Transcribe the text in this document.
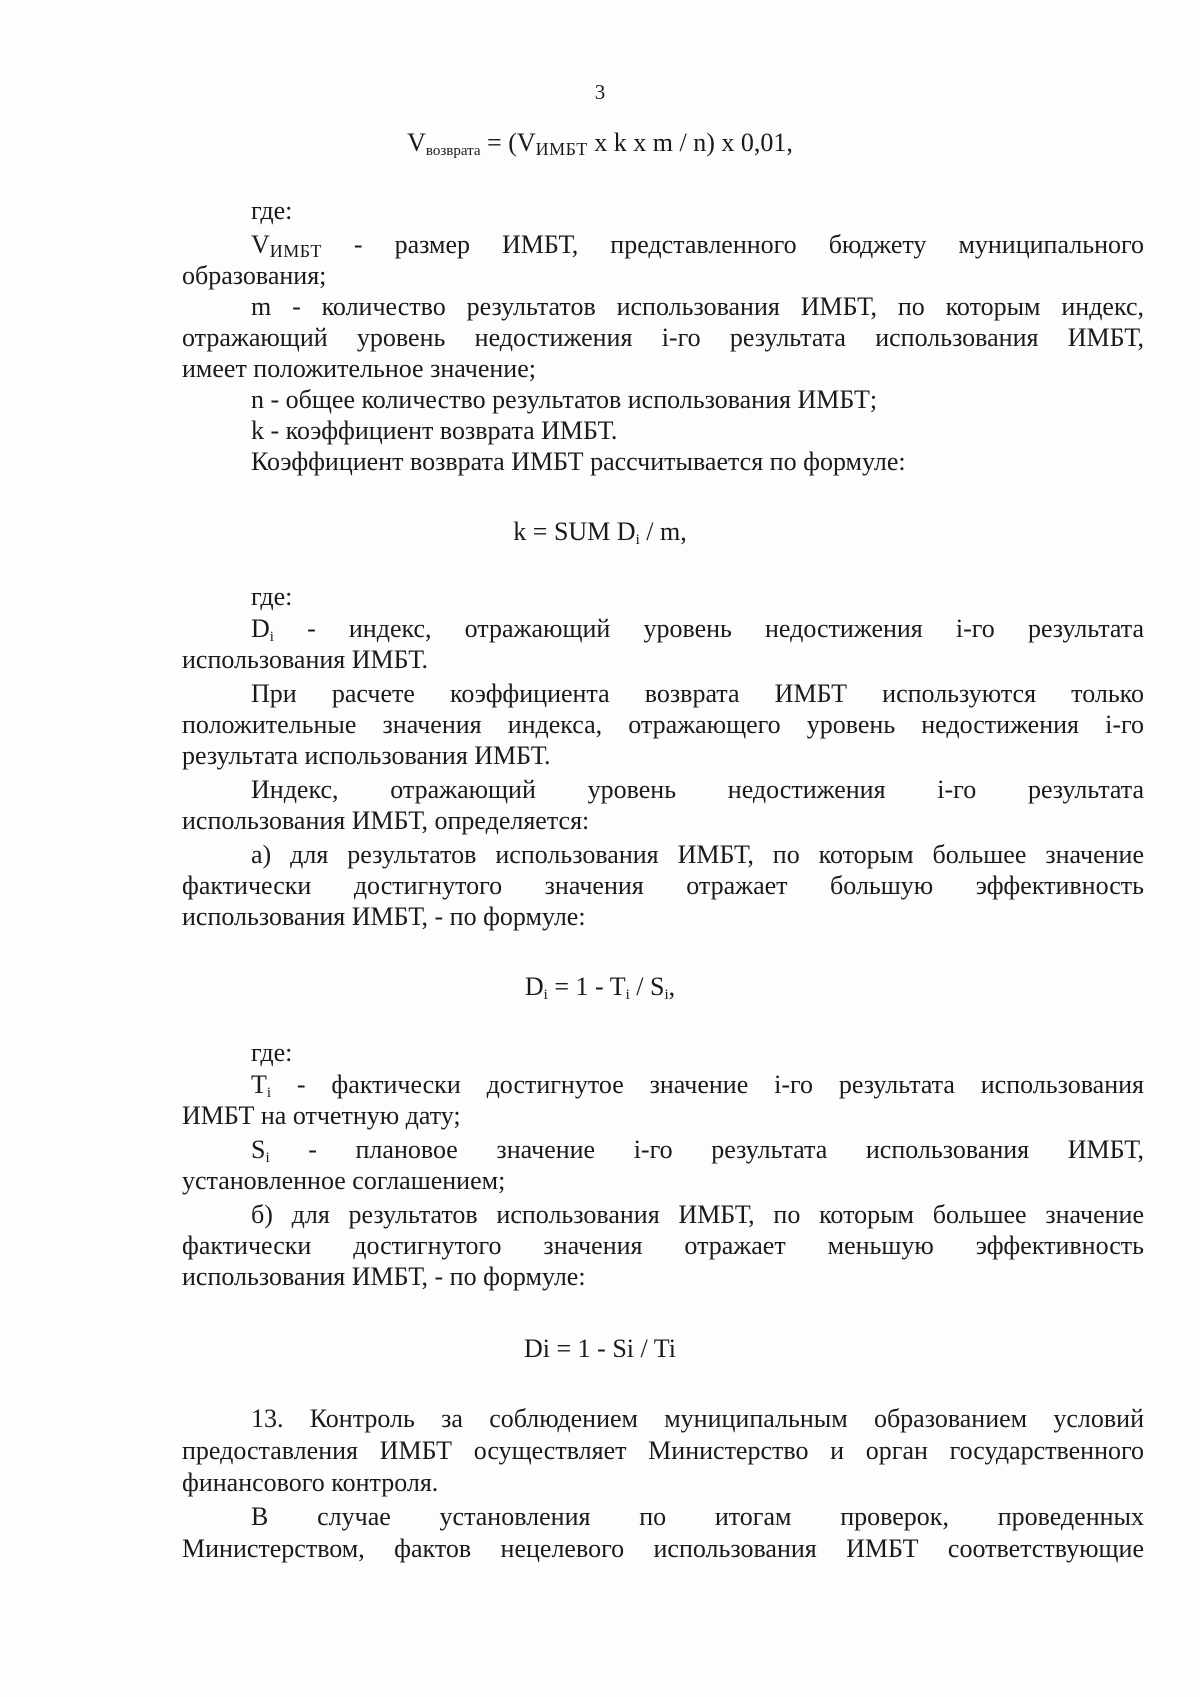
3
$V_{возврата}$ = (VИМБТ x k x m / n) x 0,01,
где:
VИМБТ - размер ИМБТ, представленного бюджету муниципального
образования;
m - количество результатов использования ИМБТ, по которым индекс,
отражающий уровень недостижения i-го результата использования ИМБТ,
имеет положительное значение;
n - общее количество результатов использования ИМБТ;
k - коэффициент возврата ИМБТ.
Коэффициент возврата ИМБТ рассчитывается по формуле:
k = SUM $D_i$ / m,
где:
$D_i$ - индекс, отражающий уровень недостижения i-го результата
использования ИМБТ.
При расчете коэффициента возврата ИМБТ используются только
положительные значения индекса, отражающего уровень недостижения i-го
результата использования ИМБТ.
Индекс, отражающий уровень недостижения i-го результата
использования ИМБТ, определяется:
а) для результатов использования ИМБТ, по которым большее значение
фактически достигнутого значения отражает большую эффективность
использования ИМБТ, - по формуле:
$D_i = 1 - T_i / S_i$,
где:
$T_i$ - фактически достигнутое значение i-го результата использования
ИМБТ на отчетную дату;
$S_i$ - плановое значение i-го результата использования ИМБТ,
установленное соглашением;
б) для результатов использования ИМБТ, по которым большее значение
фактически достигнутого значения отражает меньшую эффективность
использования ИМБТ, - по формуле:
Di = 1 - Si / Ti
13. Контроль за соблюдением муниципальным образованием условий
предоставления ИМБТ осуществляет Министерство и орган государственного
финансового контроля.
В случае установления по итогам проверок, проведенных
Министерством, фактов нецелевого использования ИМБТ соответствующие
